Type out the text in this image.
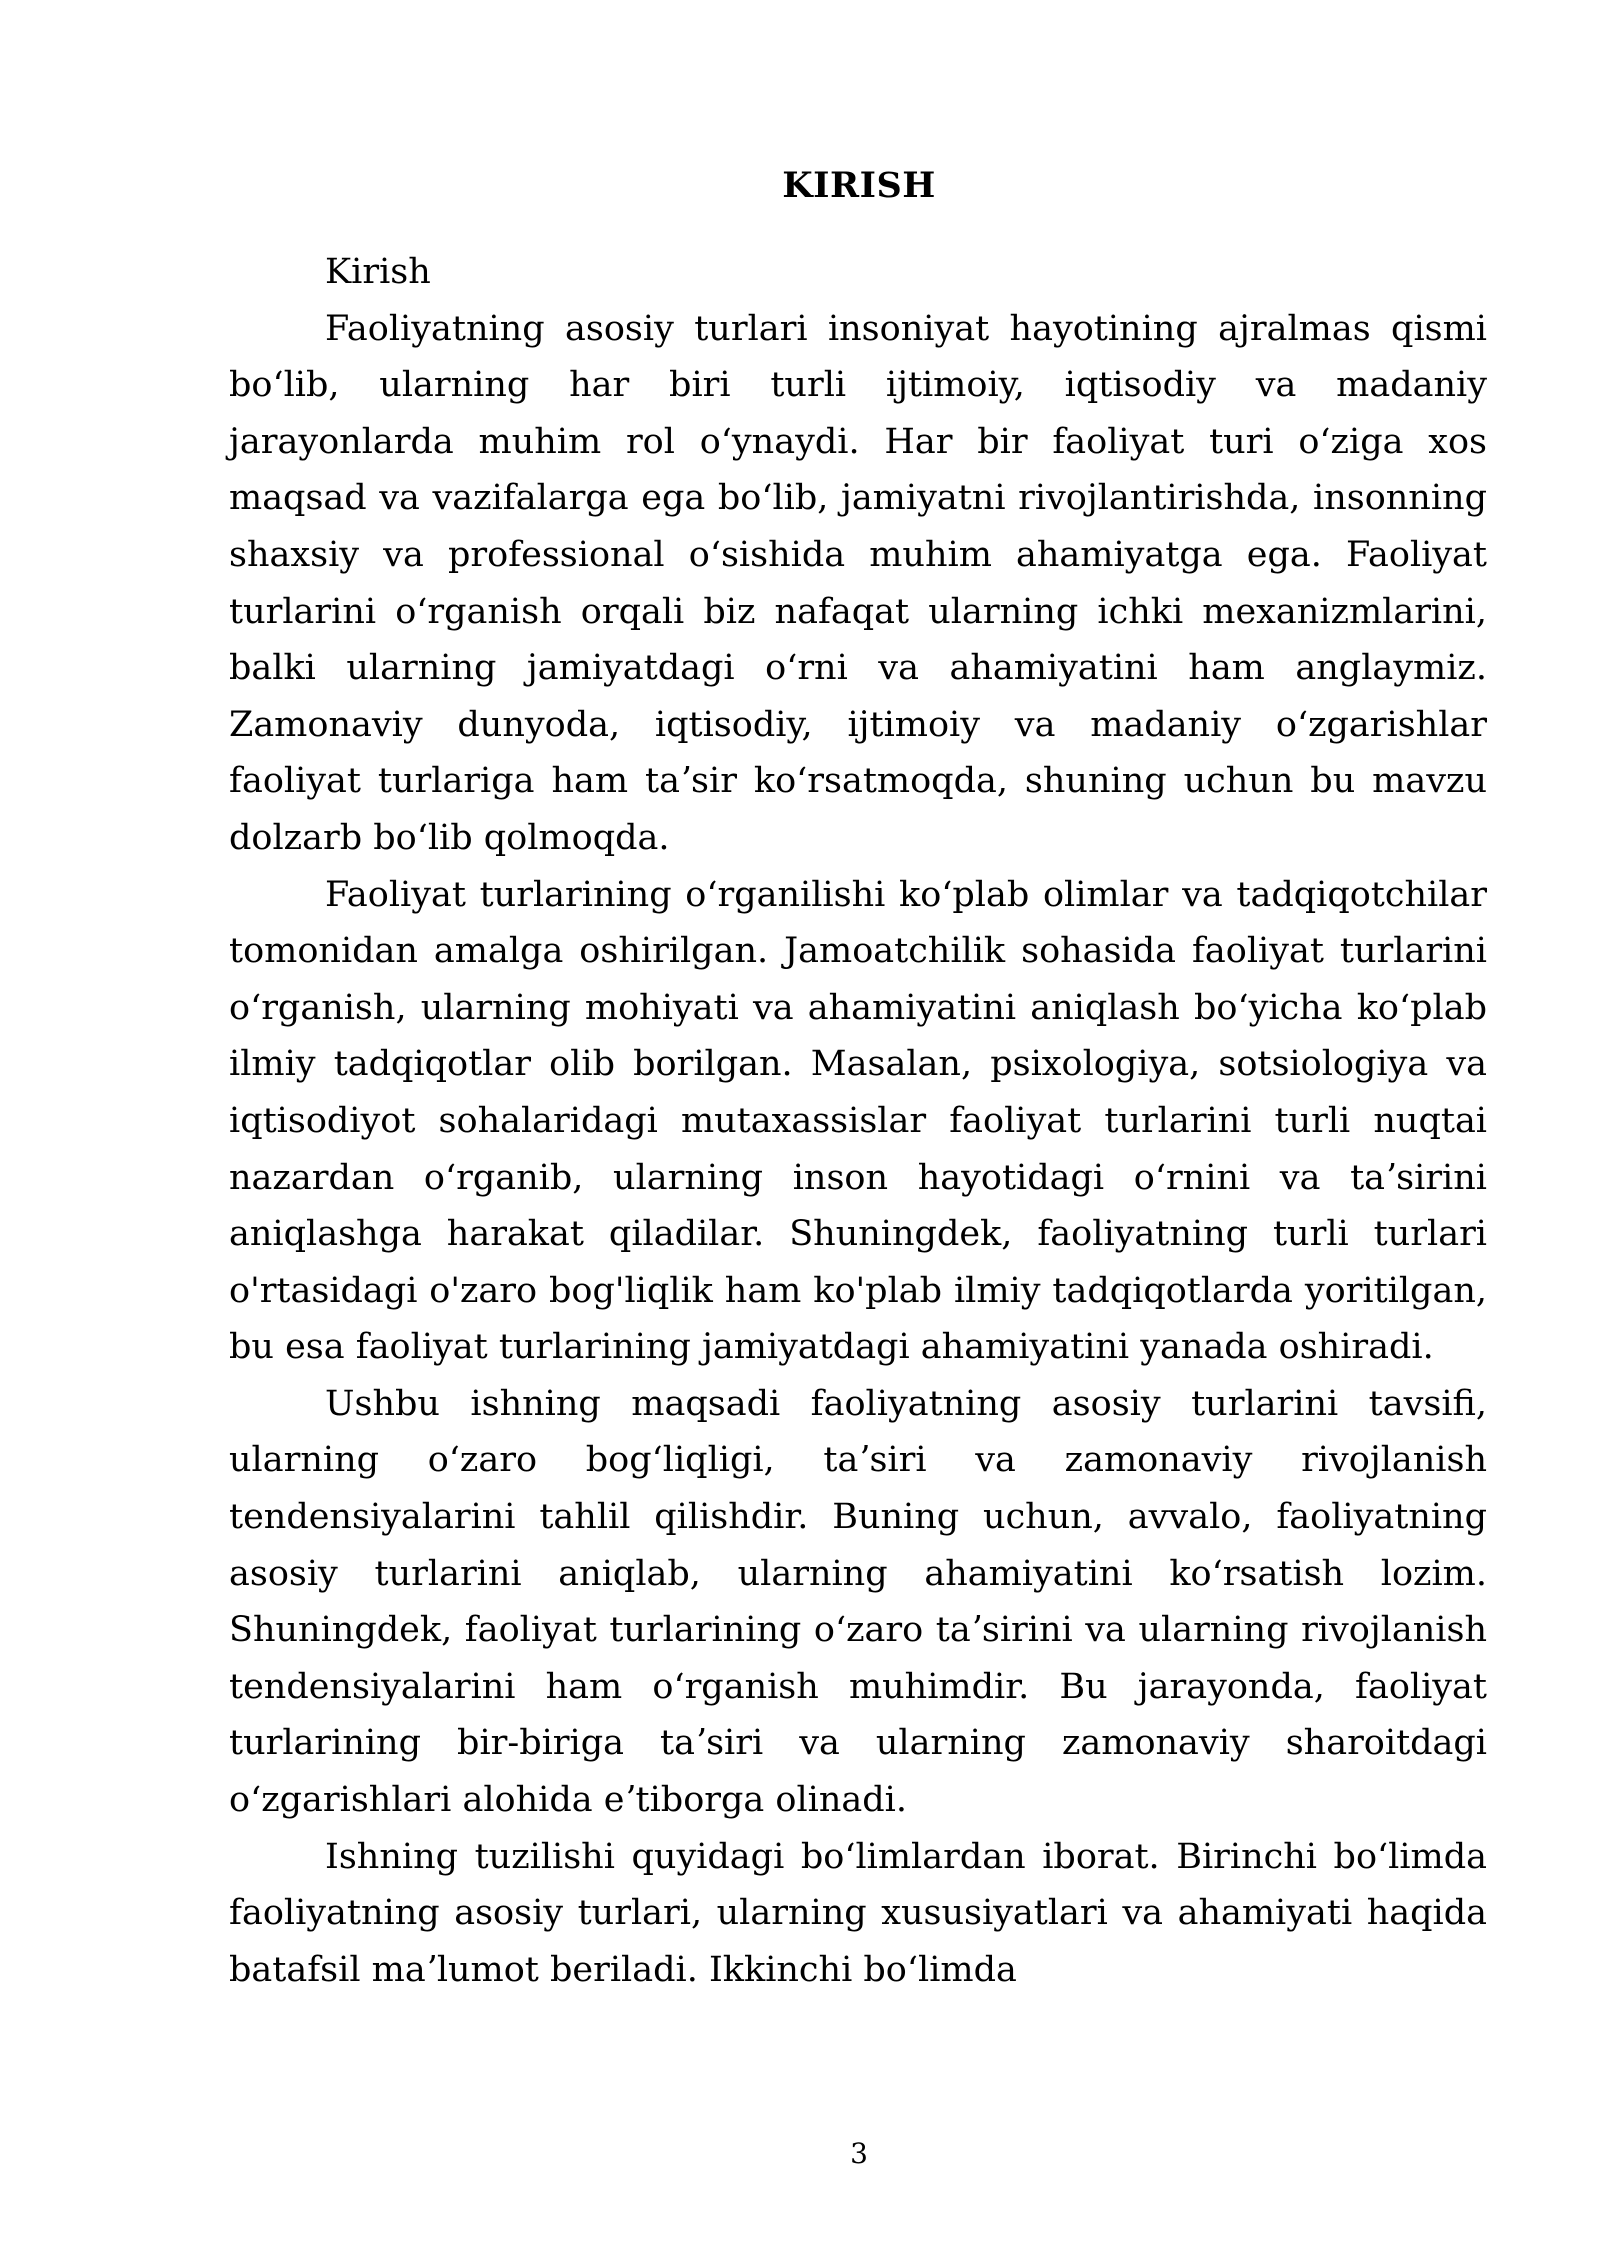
KIRISH

Kirish

Faoliyatning asosiy turlari insoniyat hayotining ajralmas qismi boʻlib, ularning har biri turli ijtimoiy, iqtisodiy va madaniy jarayonlarda muhim rol oʻynaydi. Har bir faoliyat turi oʻziga xos maqsad va vazifalarga ega boʻlib, jamiyatni rivojlantirishda, insonning shaxsiy va professional oʻsishida muhim ahamiyatga ega. Faoliyat turlarini oʻrganish orqali biz nafaqat ularning ichki mexanizmlarini, balki ularning jamiyatdagi oʻrni va ahamiyatini ham anglaymiz. Zamonaviy dunyoda, iqtisodiy, ijtimoiy va madaniy oʻzgarishlar faoliyat turlariga ham taʼsir koʻrsatmoqda, shuning uchun bu mavzu dolzarb boʻlib qolmoqda.

Faoliyat turlarining oʻrganilishi koʻplab olimlar va tadqiqotchilar tomonidan amalga oshirilgan. Jamoatchilik sohasida faoliyat turlarini oʻrganish, ularning mohiyati va ahamiyatini aniqlash boʻyicha koʻplab ilmiy tadqiqotlar olib borilgan. Masalan, psixologiya, sotsiologiya va iqtisodiyot sohalaridagi mutaxassislar faoliyat turlarini turli nuqtai nazardan oʻrganib, ularning inson hayotidagi oʻrnini va taʼsirini aniqlashga harakat qiladilar. Shuningdek, faoliyatning turli turlari o'rtasidagi o'zaro bog'liqlik ham ko'plab ilmiy tadqiqotlarda yoritilgan, bu esa faoliyat turlarining jamiyatdagi ahamiyatini yanada oshiradi.

Ushbu ishning maqsadi faoliyatning asosiy turlarini tavsifi, ularning oʻzaro bogʻliqligi, taʼsiri va zamonaviy rivojlanish tendensiyalarini tahlil qilishdir. Buning uchun, avvalo, faoliyatning asosiy turlarini aniqlab, ularning ahamiyatini koʻrsatish lozim. Shuningdek, faoliyat turlarining oʻzaro taʼsirini va ularning rivojlanish tendensiyalarini ham oʻrganish muhimdir. Bu jarayonda, faoliyat turlarining bir-biriga taʼsiri va ularning zamonaviy sharoitdagi oʻzgarishlari alohida eʼtiborga olinadi.

Ishning tuzilishi quyidagi boʻlimlardan iborat. Birinchi boʻlimda faoliyatning asosiy turlari, ularning xususiyatlari va ahamiyati haqida batafsil maʼlumot beriladi. Ikkinchi boʻlimda

3
